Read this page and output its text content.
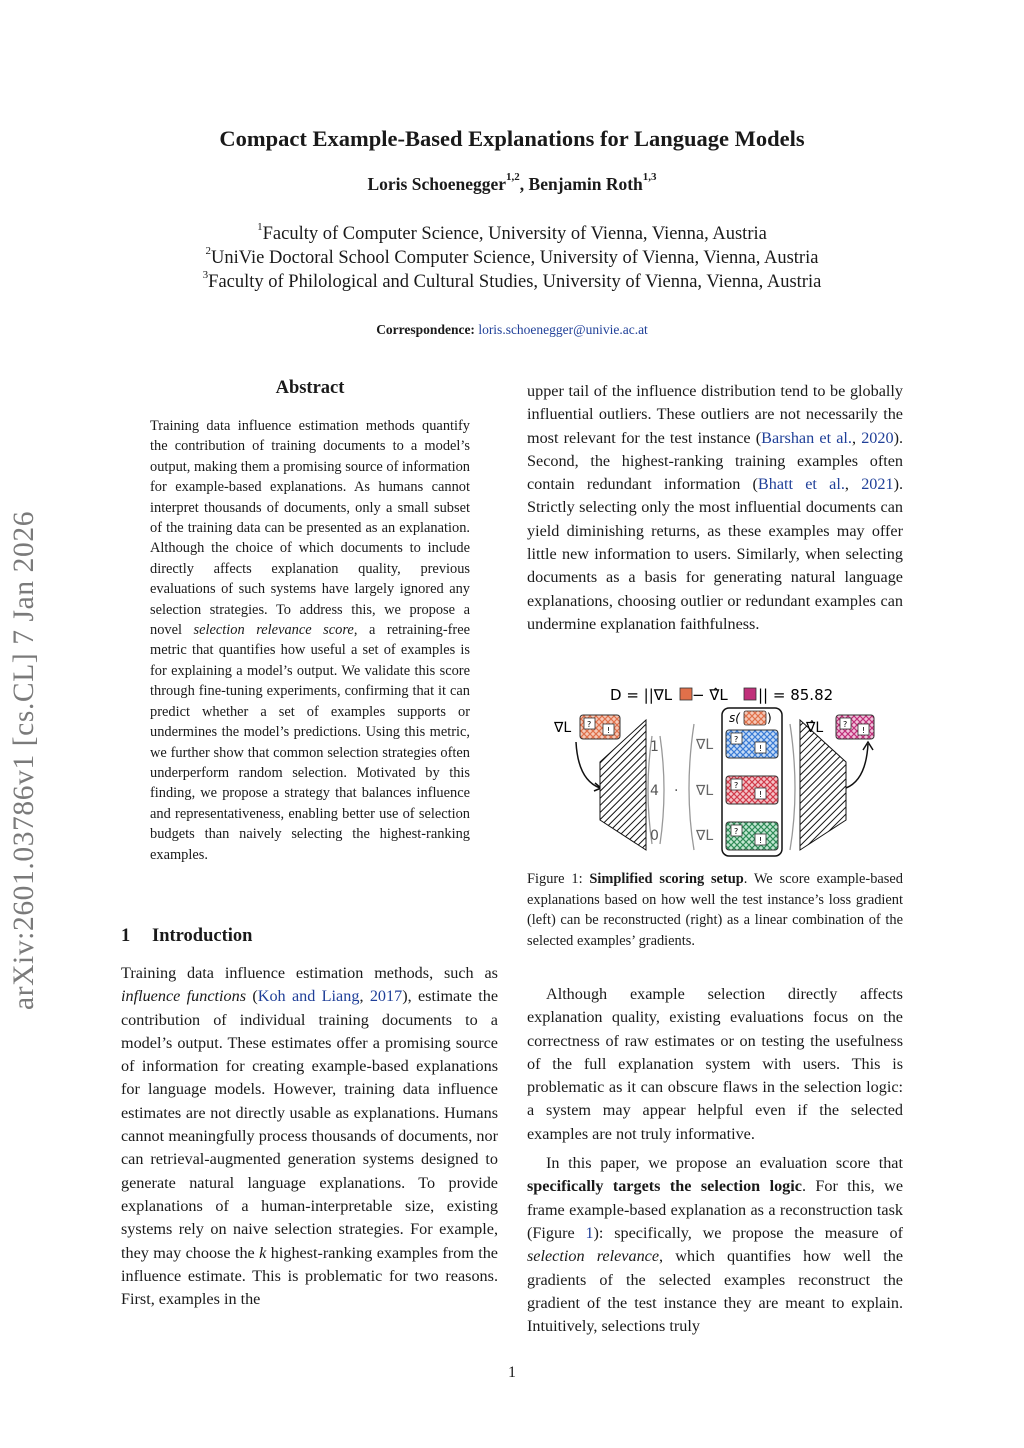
arXiv:2601.03786v1 [cs.CL] 7 Jan 2026
Compact Example-Based Explanations for Language Models
Loris Schoenegger$^{1,2}$, Benjamin Roth$^{1,3}$
$^1$Faculty of Computer Science, University of Vienna, Vienna, Austria
$^2$UniVie Doctoral School Computer Science, University of Vienna, Vienna, Austria
$^3$Faculty of Philological and Cultural Studies, University of Vienna, Vienna, Austria
Correspondence: loris.schoenegger@univie.ac.at
Abstract
Training data influence estimation methods quantify the contribution of training documents to a model’s output, making them a promising source of information for example-based explanations. As humans cannot interpret thousands of documents, only a small subset of the training data can be presented as an explanation. Although the choice of which documents to include directly affects explanation quality, previous evaluations of such systems have largely ignored any selection strategies. To address this, we propose a novel selection relevance score, a retraining-free metric that quantifies how useful a set of examples is for explaining a model’s output. We validate this score through fine-tuning experiments, confirming that it can predict whether a set of examples supports or undermines the model’s predictions. Using this metric, we further show that common selection strategies often underperform random selection. Motivated by this finding, we propose a strategy that balances influence and representativeness, enabling better use of selection budgets than naively selecting the highest-ranking examples.
1 Introduction
Training data influence estimation methods, such as influence functions (Koh and Liang, 2017), estimate the contribution of individual training documents to a model’s output. These estimates offer a promising source of information for creating example-based explanations for language models. However, training data influence estimates are not directly usable as explanations. Humans cannot meaningfully process thousands of documents, nor can retrieval-augmented generation systems designed to generate natural language explanations. To provide explanations of a human-interpretable size, existing systems rely on naive selection strategies. For example, they may choose the k highest-ranking examples from the influence estimate. This is problematic for two reasons. First, examples in the
upper tail of the influence distribution tend to be globally influential outliers. These outliers are not necessarily the most relevant for the test instance (Barshan et al., 2020). Second, the highest-ranking training examples often contain redundant information (Bhatt et al., 2021). Strictly selecting only the most influential documents can yield diminishing returns, as these examples may offer little new information to users. Similarly, when selecting documents as a basis for generating natural language explanations, choosing outlier or redundant examples can undermine explanation faithfulness.
D = ||∇L − ∇̂L || = 85.82
∇L ?
!
1
4
0
·
∇L
∇L
∇L
s( )
?
!
?
!
?
!
∇̂L ?
!
Figure 1: Simplified scoring setup. We score example-based explanations based on how well the test instance’s loss gradient (left) can be reconstructed (right) as a linear combination of the selected examples’ gradients.

Although example selection directly affects explanation quality, existing evaluations focus on the correctness of raw estimates or on testing the usefulness of the full explanation system with users. This is problematic as it can obscure flaws in the selection logic: a system may appear helpful even if the selected examples are not truly informative.

In this paper, we propose an evaluation score that specifically targets the selection logic. For this, we frame example-based explanation as a reconstruction task (Figure 1): specifically, we propose the measure of selection relevance, which quantifies how well the gradients of the selected examples reconstruct the gradient of the test instance they are meant to explain. Intuitively, selections truly

1
